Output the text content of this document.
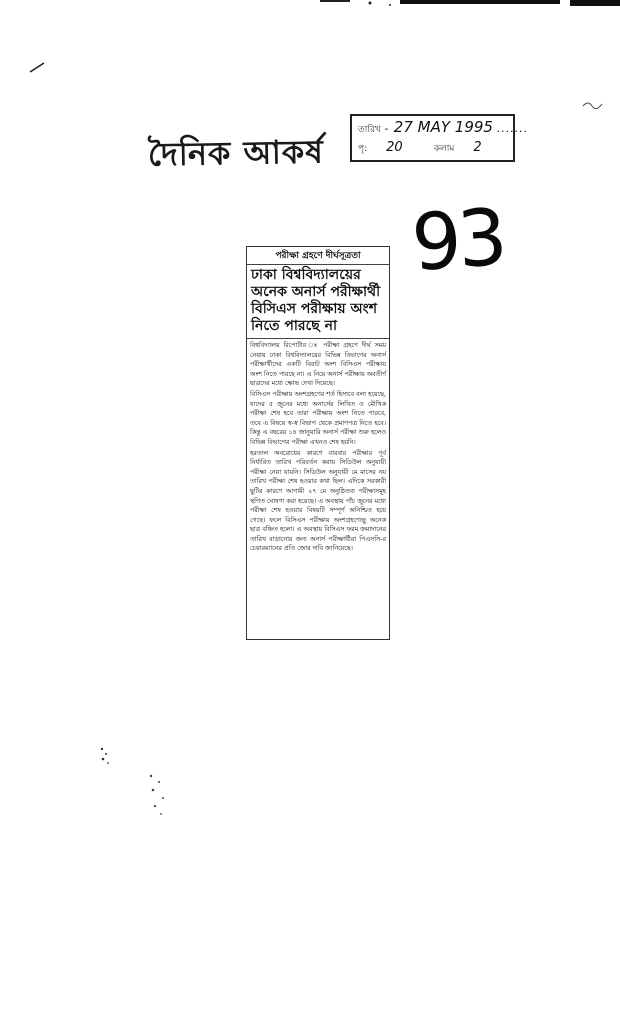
দৈনিক আকর্ষ
তারিখ - 27 MAY 1995 .......
পৃ: 20	কলাম 2
93
পরীক্ষা গ্রহণে দীর্ঘসূত্রতা
ঢাকা বিশ্ববিদ্যালয়ের অনেক অনার্স পরীক্ষার্থী বিসিএস পরীক্ষায় অংশ নিতে পারছে না

বিশ্ববিদ্যালয় রিপোর্টার ঃ পরীক্ষা গ্রহণে দীর্ঘ সময় নেয়ায় ঢাকা বিশ্ববিদ্যালয়ের বিভিন্ন বিভাগের অনার্স পরীক্ষার্থীদের একটি বিরাট অংশ বিসিএস পরীক্ষায় অংশ নিতে পারছে না। এ নিয়ে অনার্স পরীক্ষায় অবতীর্ণ ছাত্রদের মধ্যে ক্ষোভ দেখা দিয়েছে।

বিসিএস পরীক্ষায় অংশগ্রহণের শর্ত হিসাবে বলা হয়েছে, যাদের ৫ জুনের মধ্যে অনার্সের লিখিত ও মৌখিক পরীক্ষা শেষ হবে তারা পরীক্ষায় অংশ নিতে পারবে, তবে এ বিষয়ে স্ব-স্ব বিভাগ থেকে প্রমাণপত্র নিতে হবে। কিন্তু এ বছরের ১৪ জানুয়ারি অনার্স পরীক্ষা শুরু হলেও বিভিন্ন বিভাগের পরীক্ষা এখনও শেষ হয়নি।

হরতাল অবরোধের কারণে বারবার পরীক্ষার পূর্ব নির্ধারিত তারিখ পরিবর্তন করায় সিডিউল অনুযায়ী পরীক্ষা নেয়া যায়নি। সিডিউল অনুযায়ী মে মাসের নয় তারিখ পরীক্ষা শেষ হওয়ার কথা ছিল। এদিকে সরকারী ছুটির কারণে আগামী ২৭ মে অনুষ্ঠিতব্য পরীক্ষাসমূহ স্থগিত ঘোষণা করা হয়েছে। এ অবস্থায় পাঁচ জুনের মধ্যে পরীক্ষা শেষ হওয়ার বিষয়টি সম্পূর্ণ অনিশ্চিত হয়ে গেছে। ফলে বিসিএস পরীক্ষায় অংশগ্রহণেচ্ছু অনেক ছাত্র বঞ্চিত হলো। এ অবস্থায় বিসিএস ফরম জমাদানের তারিখ বাড়ানোর জন্য অনার্স পরীক্ষার্থীরা পিএসসি-র চেয়ারম্যানের প্রতি জোর দাবি জানিয়েছে।
